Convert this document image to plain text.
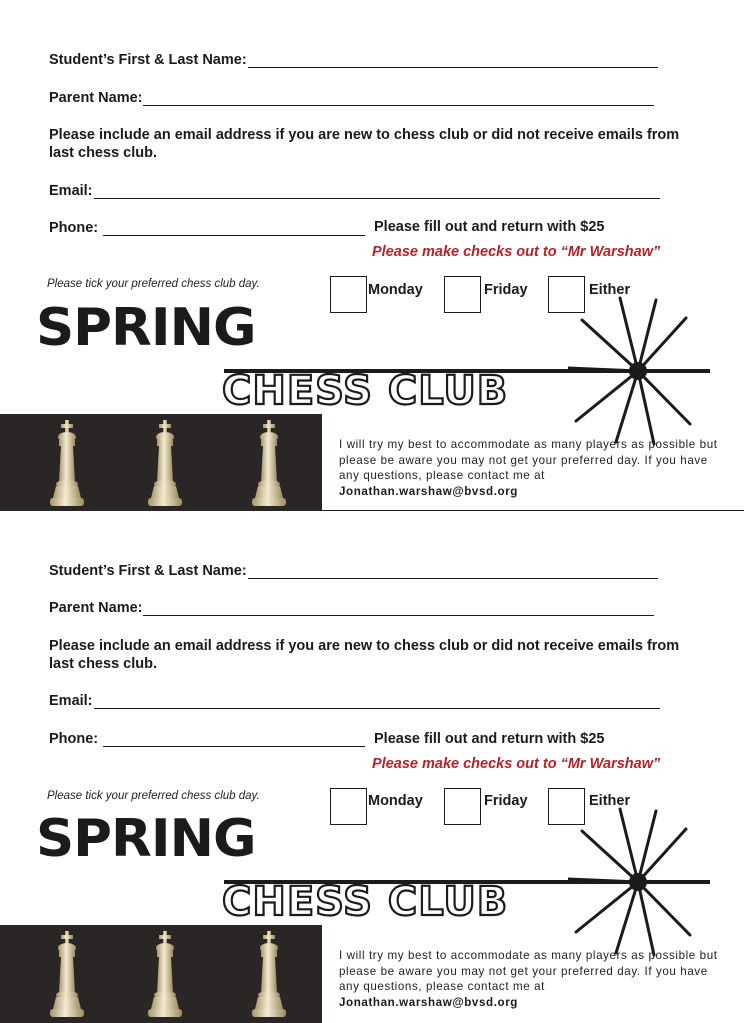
Student’s First & Last Name:
Parent Name:
Please include an email address if you are new to chess club or did not receive emails from last chess club.
Email:
Phone:	Please fill out and return with $25
Please make checks out to “Mr Warshaw”
Please tick your preferred chess club day.	Monday	Friday	Either
SPRING
CHESS CLUB
I will try my best to accommodate as many players as possible but please be aware you may not get your preferred day. If you have any questions, please contact me at Jonathan.warshaw@bvsd.org
Student’s First & Last Name:
Parent Name:
Please include an email address if you are new to chess club or did not receive emails from last chess club.
Email:
Phone:	Please fill out and return with $25
Please make checks out to “Mr Warshaw”
Please tick your preferred chess club day.	Monday	Friday	Either
SPRING
CHESS CLUB
I will try my best to accommodate as many players as possible but please be aware you may not get your preferred day. If you have any questions, please contact me at Jonathan.warshaw@bvsd.org
